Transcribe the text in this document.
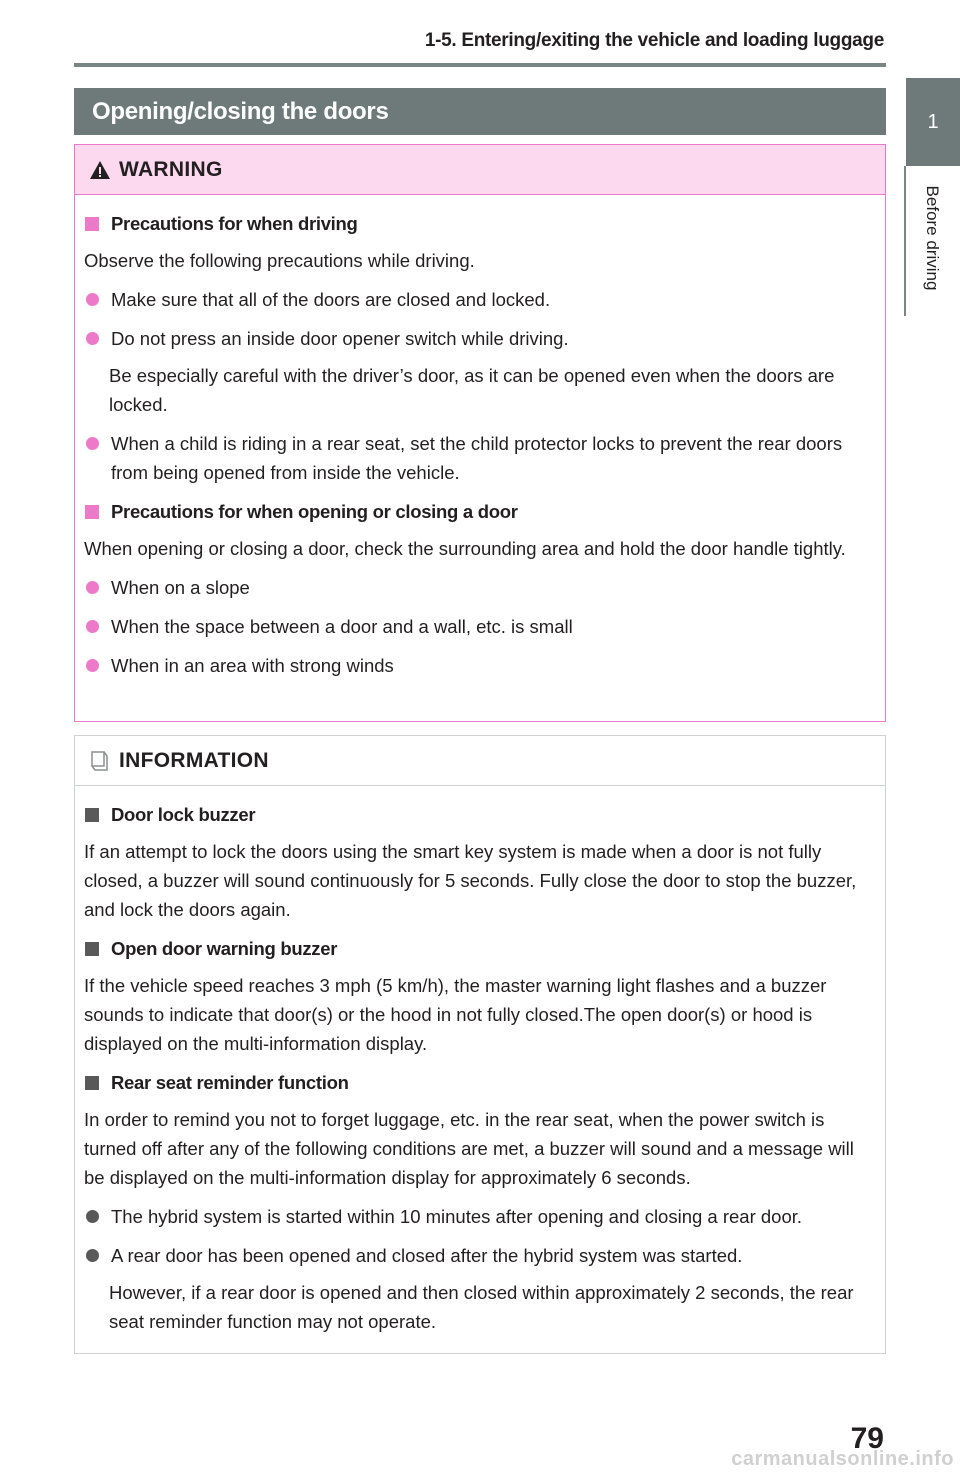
1-5. Entering/exiting the vehicle and loading luggage
1
Before driving
Opening/closing the doors
WARNING
Precautions for when driving

Observe the following precautions while driving.

Make sure that all of the doors are closed and locked.
Do not press an inside door opener switch while driving.

Be especially careful with the driver’s door, as it can be opened even when the doors are locked.

When a child is riding in a rear seat, set the child protector locks to prevent the rear doors from being opened from inside the vehicle.
Precautions for when opening or closing a door

When opening or closing a door, check the surrounding area and hold the door handle tightly.

When on a slope
When the space between a door and a wall, etc. is small
When in an area with strong winds
INFORMATION
Door lock buzzer

If an attempt to lock the doors using the smart key system is made when a door is not fully closed, a buzzer will sound continuously for 5 seconds. Fully close the door to stop the buzzer, and lock the doors again.

Open door warning buzzer

If the vehicle speed reaches 3 mph (5 km/h), the master warning light flashes and a buzzer sounds to indicate that door(s) or the hood in not fully closed.The open door(s) or hood is displayed on the multi-information display.

Rear seat reminder function

In order to remind you not to forget luggage, etc. in the rear seat, when the power switch is turned off after any of the following conditions are met, a buzzer will sound and a message will be displayed on the multi-information display for approximately 6 seconds.

The hybrid system is started within 10 minutes after opening and closing a rear door.
A rear door has been opened and closed after the hybrid system was started.

However, if a rear door is opened and then closed within approximately 2 seconds, the rear seat reminder function may not operate.

79
carmanualsonline.info
